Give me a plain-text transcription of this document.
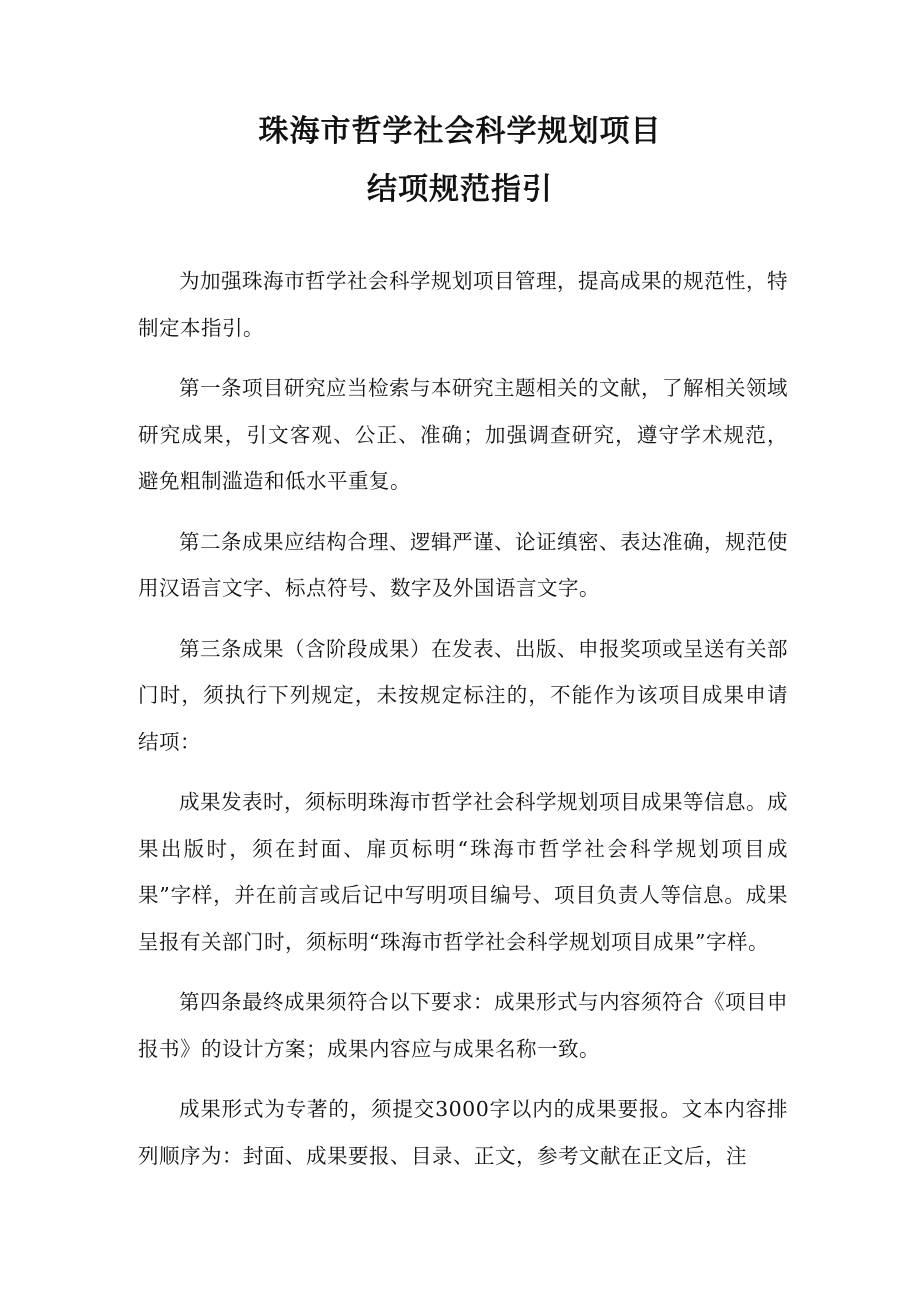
珠海市哲学社会科学规划项目
结项规范指引

为加强珠海市哲学社会科学规划项目管理，提高成果的规范性，特制定本指引。

第一条项目研究应当检索与本研究主题相关的文献，了解相关领域研究成果，引文客观、公正、准确；加强调查研究，遵守学术规范，避免粗制滥造和低水平重复。

第二条成果应结构合理、逻辑严谨、论证缜密、表达准确，规范使用汉语言文字、标点符号、数字及外国语言文字。

第三条成果（含阶段成果）在发表、出版、申报奖项或呈送有关部门时，须执行下列规定，未按规定标注的，不能作为该项目成果申请结项：

成果发表时，须标明珠海市哲学社会科学规划项目成果等信息。成果出版时，须在封面、扉页标明“珠海市哲学社会科学规划项目成果”字样，并在前言或后记中写明项目编号、项目负责人等信息。成果呈报有关部门时，须标明“珠海市哲学社会科学规划项目成果”字样。

第四条最终成果须符合以下要求：成果形式与内容须符合《项目申报书》的设计方案；成果内容应与成果名称一致。

成果形式为专著的，须提交3000字以内的成果要报。文本内容排列顺序为：封面、成果要报、目录、正文，参考文献在正文后，注
